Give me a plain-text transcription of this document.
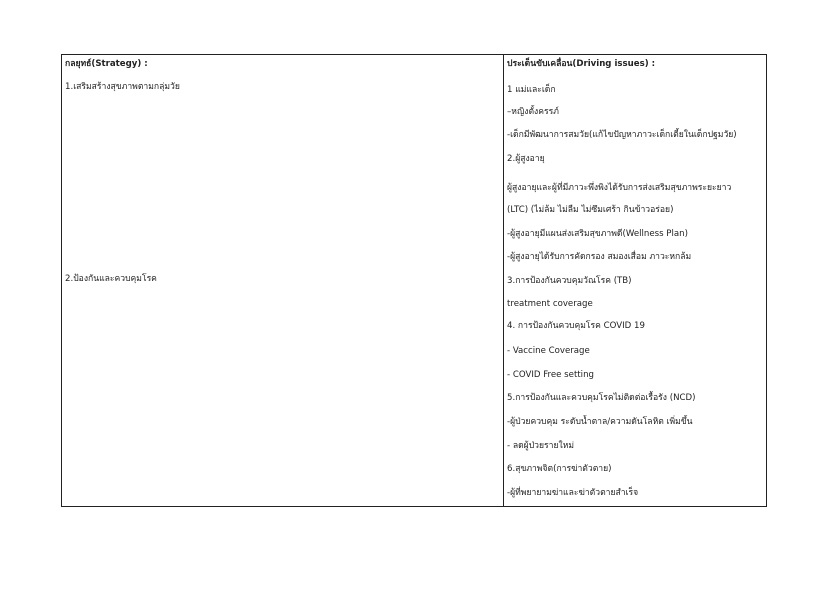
กลยุทธ์(Strategy) :
1.เสริมสร้างสุขภาพตามกลุ่มวัย
2.ป้องกันและควบคุมโรค
ประเด็นขับเคลื่อน(Driving issues) :
1 แม่และเด็ก
–หญิงตั้งครรภ์
-เด็กมีพัฒนาการสมวัย(แก้ไขปัญหาภาวะเด็กเตี้ยในเด็กปฐมวัย)
2.ผู้สูงอายุ
ผู้สูงอายุและผู้ที่มีภาวะพึ่งพิงได้รับการส่งเสริมสุขภาพระยะยาว
(LTC) (ไม่ล้ม ไม่ลืม ไม่ซึมเศร้า กินข้าวอร่อย)
-ผู้สูงอายุมีแผนส่งเสริมสุขภาพดี(Wellness Plan)
-ผู้สูงอายุได้รับการคัดกรอง สมองเสื่อม ภาวะหกล้ม
3.การป้องกันควบคุมวัณโรค (TB)
treatment coverage
4. การป้องกันควบคุมโรค COVID 19
- Vaccine Coverage
- COVID Free setting
5.การป้องกันและควบคุมโรคไม่ติดต่อเรื้อรัง (NCD)
-ผู้ป่วยควบคุม ระดับน้ำตาล/ความดันโลหิต เพิ่มขึ้น
- ลดผู้ป่วยรายใหม่
6.สุขภาพจิต(การฆ่าตัวตาย)
-ผู้ที่พยายามฆ่าและฆ่าตัวตายสำเร็จ
